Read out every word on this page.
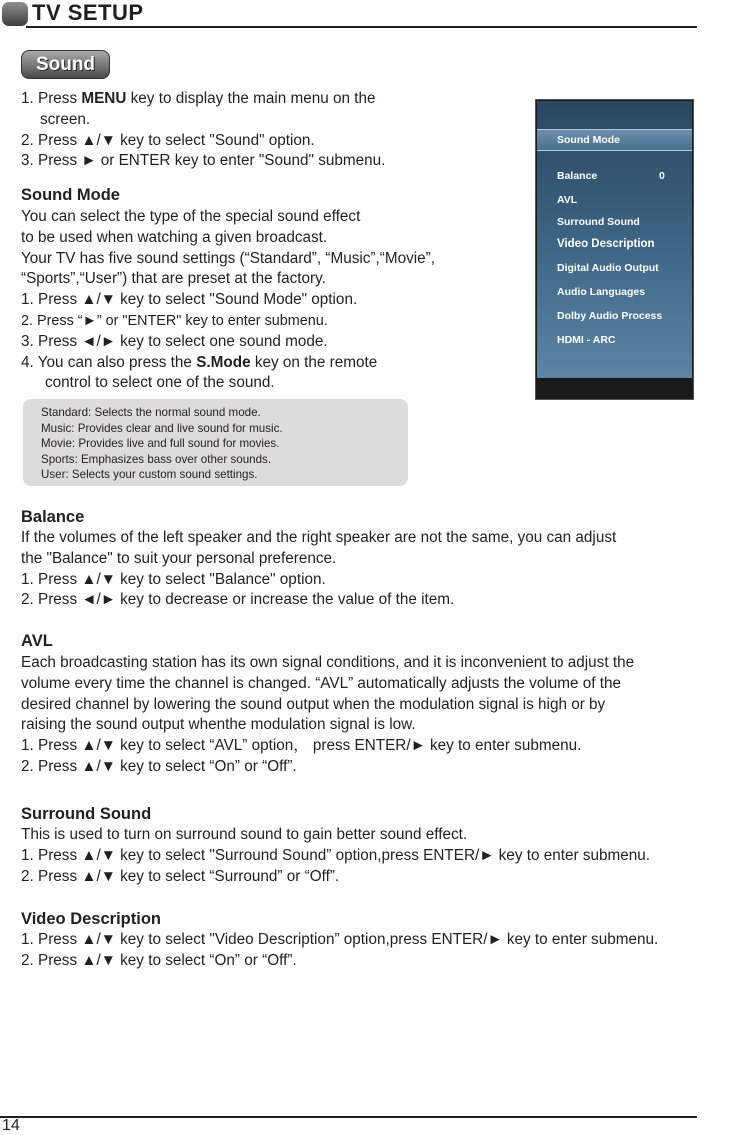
TV SETUP
Sound

1. Press MENU key to display the main menu on the

screen.

2. Press ▲/▼ key to select "Sound" option.

3. Press ► or ENTER key to enter "Sound" submenu.

Sound Mode

You can select the type of the special sound effect

to be used when watching a given broadcast.

Your TV has five sound settings (“Standard”, “Music”,“Movie”,

“Sports”,“User”) that are preset at the factory.

1. Press ▲/▼ key to select "Sound Mode" option.

2. Press “►” or "ENTER" key to enter submenu.

3. Press ◄/► key to select one sound mode.

4. You can also press the S.Mode key on the remote

control to select one of the sound.

Standard: Selects the normal sound mode.

Music: Provides clear and live sound for music.

Movie: Provides live and full sound for movies.

Sports: Emphasizes bass over other sounds.

User: Selects your custom sound settings.

Sound Mode
Balance	0
AVL
Surround Sound
Video Description
Digital Audio Output
Audio Languages
Dolby Audio Process
HDMI - ARC
Balance

If the volumes of the left speaker and the right speaker are not the same, you can adjust

the "Balance" to suit your personal preference.

1. Press ▲/▼ key to select "Balance" option.

2. Press ◄/► key to decrease or increase the value of the item.

AVL

Each broadcasting station has its own signal conditions, and it is inconvenient to adjust the

volume every time the channel is changed. “AVL” automatically adjusts the volume of the

desired channel by lowering the sound output when the modulation signal is high or by

raising the sound output whenthe modulation signal is low.

1. Press ▲/▼ key to select “AVL” option， press ENTER/► key to enter submenu.

2. Press ▲/▼ key to select “On” or “Off”.

Surround Sound

This is used to turn on surround sound to gain better sound effect.

1. Press ▲/▼ key to select "Surround Sound” option,press ENTER/► key to enter submenu.

2. Press ▲/▼ key to select “Surround” or “Off”.

Video Description

1. Press ▲/▼ key to select "Video Description” option,press ENTER/► key to enter submenu.

2. Press ▲/▼ key to select “On” or “Off”.

14
